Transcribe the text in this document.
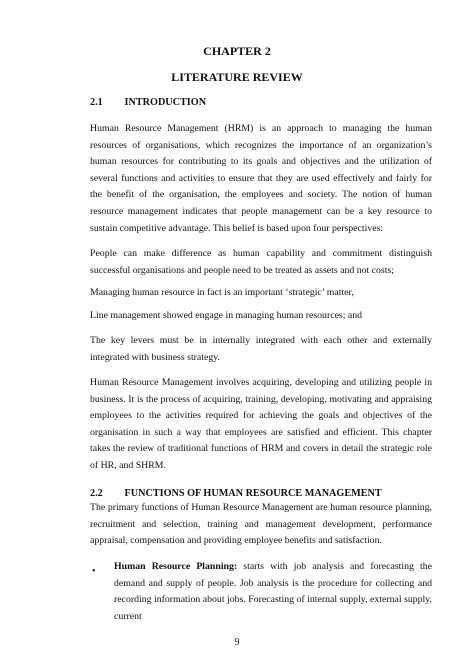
CHAPTER 2
LITERATURE REVIEW
2.1 INTRODUCTION

Human Resource Management (HRM) is an approach to managing the human resources of organisations, which recognizes the importance of an organization’s human resources for contributing to its goals and objectives and the utilization of several functions and activities to ensure that they are used effectively and fairly for the benefit of the organisation, the employees and society. The notion of human resource management indicates that people management can be a key resource to sustain competitive advantage. This belief is based upon four perspectives:

People can make difference as human capability and commitment distinguish successful organisations and people need to be treated as assets and not costs;

Managing human resource in fact is an important ‘strategic’ matter,

Line management showed engage in managing human resources; and

The key levers must be in internally integrated with each other and externally integrated with business strategy.

Human Resource Management involves acquiring, developing and utilizing people in business. It is the process of acquiring, training, developing, motivating and appraising employees to the activities required for achieving the goals and objectives of the organisation in such a way that employees are satisfied and efficient. This chapter takes the review of traditional functions of HRM and covers in detail the strategic role of HR, and SHRM.

2.2 FUNCTIONS OF HUMAN RESOURCE MANAGEMENT

The primary functions of Human Resource Management are human resource planning, recruitment and selection, training and management development, performance appraisal, compensation and providing employee benefits and satisfaction.

• Human Resource Planning: starts with job analysis and forecasting the demand and supply of people. Job analysis is the procedure for collecting and recording information about jobs. Forecasting of internal supply, external supply, current

9
